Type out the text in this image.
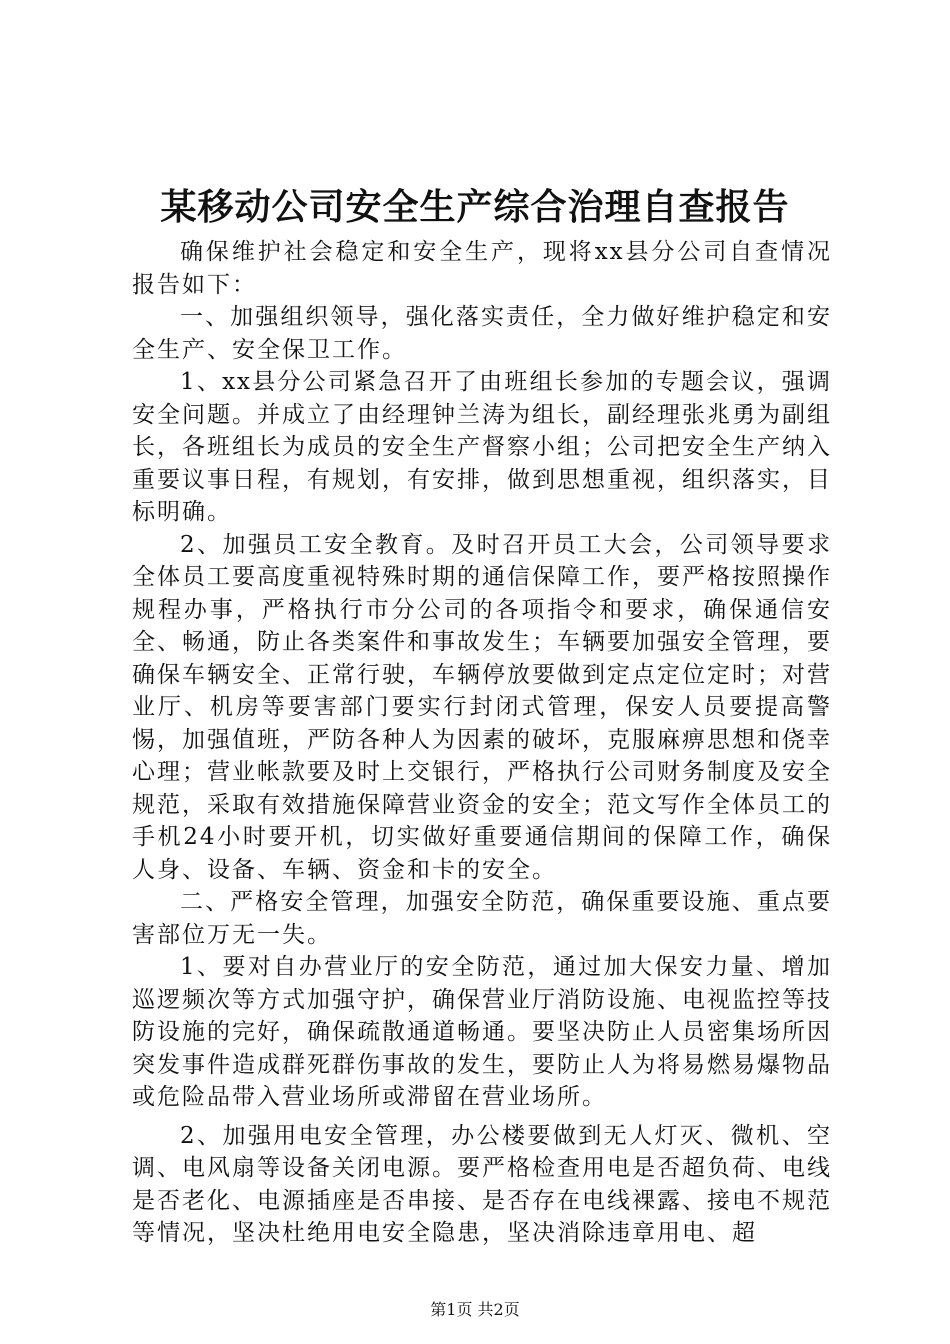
某移动公司安全生产综合治理自查报告

确保维护社会稳定和安全生产，现将xx县分公司自查情况报告如下：

一、加强组织领导，强化落实责任，全力做好维护稳定和安全生产、安全保卫工作。

1、xx县分公司紧急召开了由班组长参加的专题会议，强调安全问题。并成立了由经理钟兰涛为组长，副经理张兆勇为副组长，各班组长为成员的安全生产督察小组；公司把安全生产纳入重要议事日程，有规划，有安排，做到思想重视，组织落实，目标明确。

2、加强员工安全教育。及时召开员工大会，公司领导要求全体员工要高度重视特殊时期的通信保障工作，要严格按照操作规程办事，严格执行市分公司的各项指令和要求，确保通信安全、畅通，防止各类案件和事故发生；车辆要加强安全管理，要确保车辆安全、正常行驶，车辆停放要做到定点定位定时；对营业厅、机房等要害部门要实行封闭式管理，保安人员要提高警惕，加强值班，严防各种人为因素的破坏，克服麻痹思想和侥幸心理；营业帐款要及时上交银行，严格执行公司财务制度及安全规范，采取有效措施保障营业资金的安全；范文写作全体员工的手机24小时要开机，切实做好重要通信期间的保障工作，确保人身、设备、车辆、资金和卡的安全。

二、严格安全管理，加强安全防范，确保重要设施、重点要害部位万无一失。

1、要对自办营业厅的安全防范，通过加大保安力量、增加巡逻频次等方式加强守护，确保营业厅消防设施、电视监控等技防设施的完好，确保疏散通道畅通。要坚决防止人员密集场所因突发事件造成群死群伤事故的发生，要防止人为将易燃易爆物品或危险品带入营业场所或滞留在营业场所。

2、加强用电安全管理，办公楼要做到无人灯灭、微机、空调、电风扇等设备关闭电源。要严格检查用电是否超负荷、电线是否老化、电源插座是否串接、是否存在电线裸露、接电不规范等情况，坚决杜绝用电安全隐患，坚决消除违章用电、超

第1页 共2页
